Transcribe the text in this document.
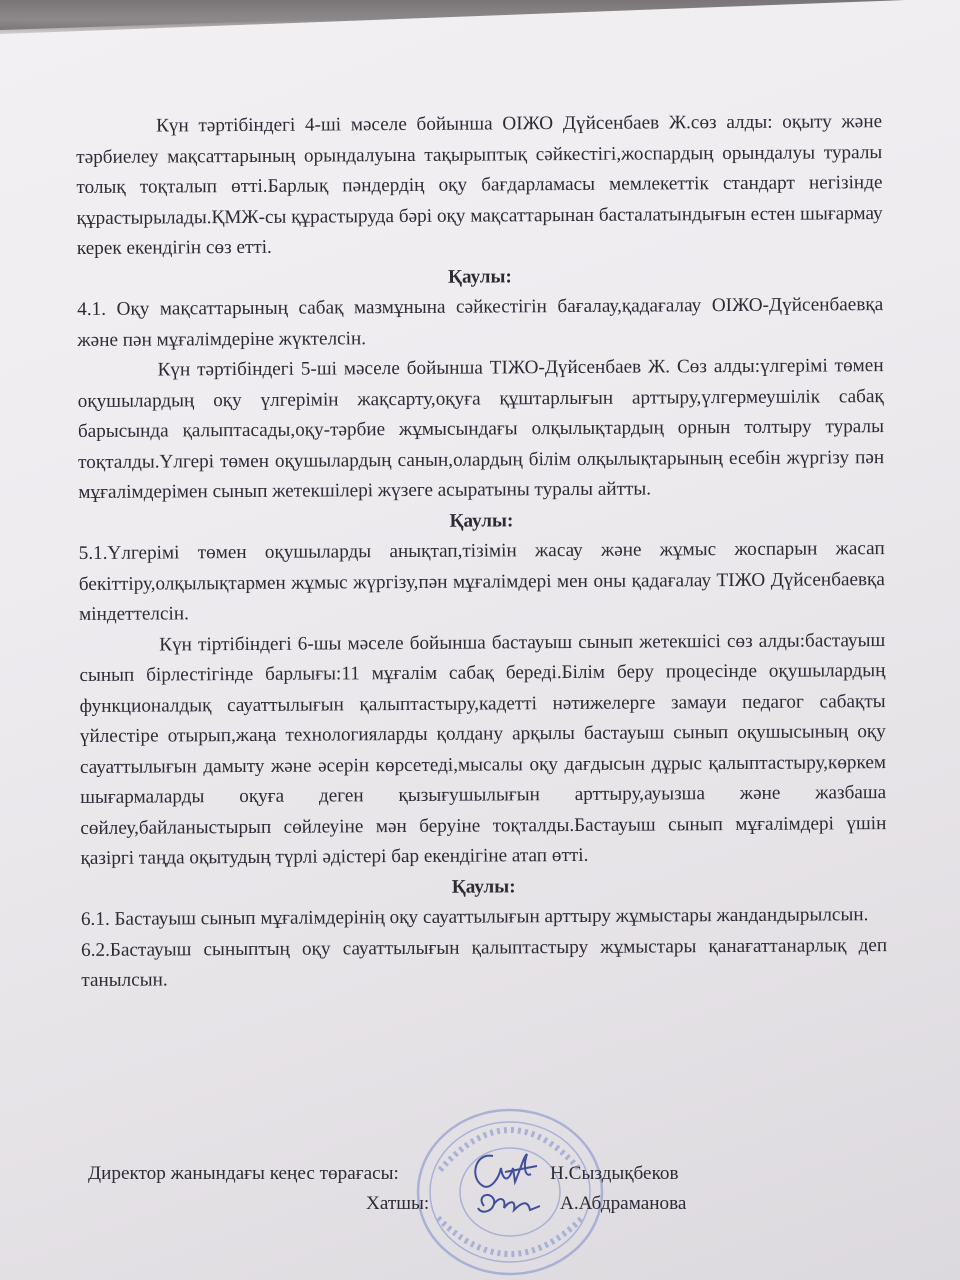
Күн тәртібіндегі 4-ші мәселе бойынша ОІЖО Дүйсенбаев Ж.сөз алды: оқыту және тәрбиелеу мақсаттарының орындалуына тақырыптық сәйкестігі,жоспардың орындалуы туралы толық тоқталып өтті.Барлық пәндердің оқу бағдарламасы мемлекеттік стандарт негізінде құрастырылады.ҚМЖ-сы құрастыруда бәрі оқу мақсаттарынан басталатындығын естен шығармау керек екендігін сөз етті.

Қаулы:

4.1. Оқу мақсаттарының сабақ мазмұнына сәйкестігін бағалау,қадағалау ОІЖО-Дүйсенбаевқа және пән мұғалімдеріне жүктелсін.

Күн тәртібіндегі 5-ші мәселе бойынша ТІЖО-Дүйсенбаев Ж. Сөз алды:үлгерімі төмен оқушылардың оқу үлгерімін жақсарту,оқуға құштарлығын арттыру,үлгермеушілік сабақ барысында қалыптасады,оқу-тәрбие жұмысындағы олқылықтардың орнын толтыру туралы тоқталды.Үлгері төмен оқушылардың санын,олардың білім олқылықтарының есебін жүргізу пән мұғалімдерімен сынып жетекшілері жүзеге асыратыны туралы айтты.

Қаулы:

5.1.Үлгерімі төмен оқушыларды анықтап,тізімін жасау және жұмыс жоспарын жасап бекіттіру,олқылықтармен жұмыс жүргізу,пән мұғалімдері мен оны қадағалау ТІЖО Дүйсенбаевқа міндеттелсін.

Күн тіртібіндегі 6-шы мәселе бойынша бастауыш сынып жетекшісі сөз алды:бастауыш сынып бірлестігінде барлығы:11 мұғалім сабақ береді.Білім беру процесінде оқушылардың функционалдық сауаттылығын қалыптастыру,кадетті нәтижелерге замауи педагог сабақты үйлестіре отырып,жаңа технологияларды қолдану арқылы бастауыш сынып оқушысының оқу сауаттылығын дамыту және әсерін көрсетеді,мысалы оқу дағдысын дұрыс қалыптастыру,көркем шығармаларды оқуға деген қызығушылығын арттыру,ауызша және жазбаша сөйлеу,байланыстырып сөйлеуіне мән беруіне тоқталды.Бастауыш сынып мұғалімдері үшін қазіргі таңда оқытудың түрлі әдістері бар екендігіне атап өтті.

Қаулы:

6.1. Бастауыш сынып мұғалімдерінің оқу сауаттылығын арттыру жұмыстары жандандырылсын.

6.2.Бастауыш сыныптың оқу сауаттылығын қалыптастыру жұмыстары қанағаттанарлық деп танылсын.

Директор жанындағы кеңес төрағасы:	Н.Сыздықбеков
Хатшы:	А.Абдраманова
